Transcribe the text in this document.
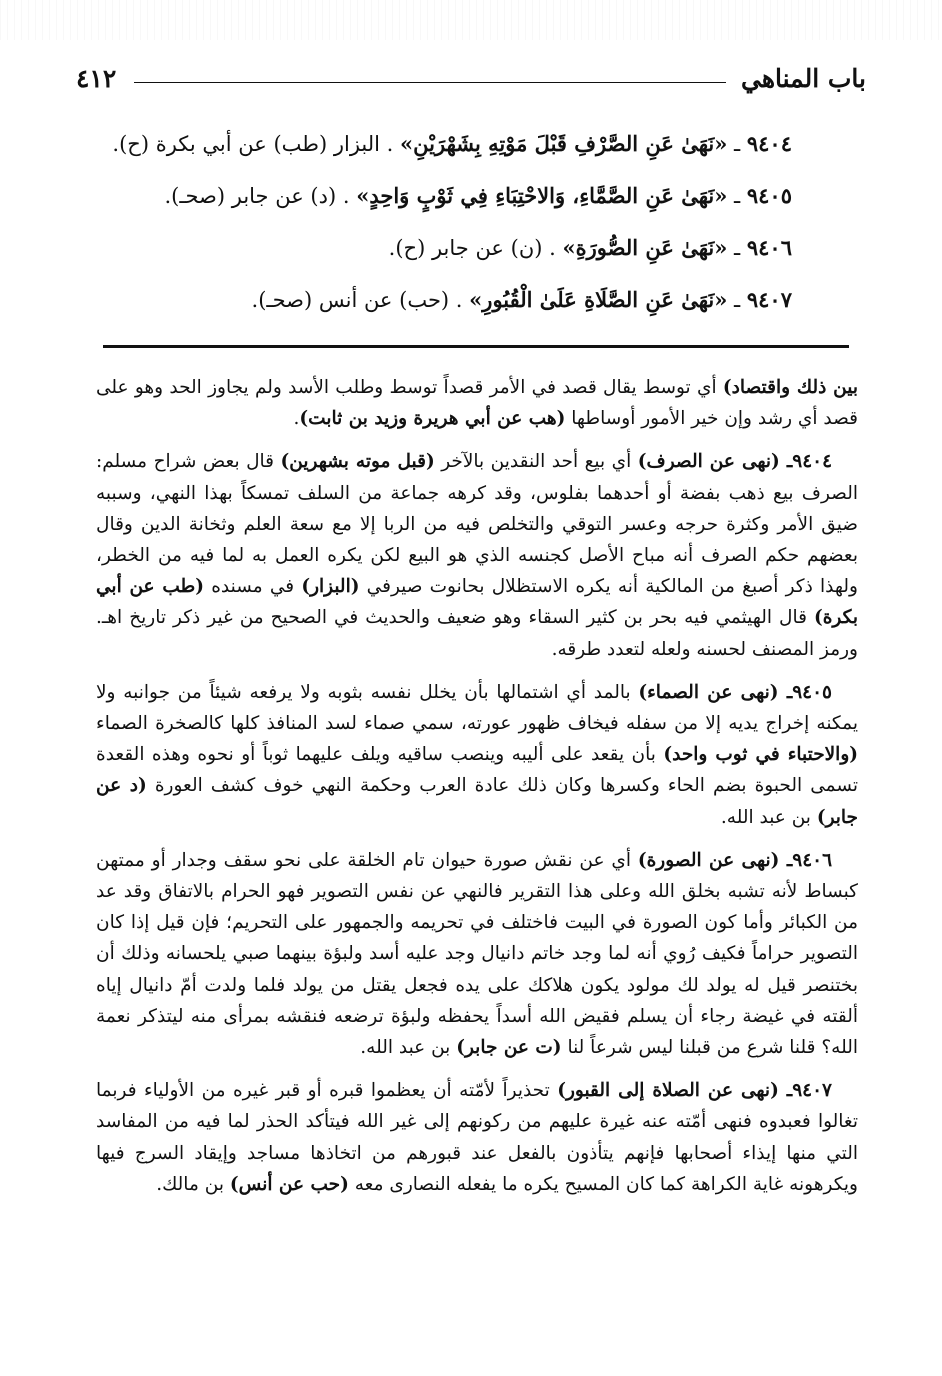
باب المناهي
٤١٢
٩٤٠٤ ـ «نَهَىٰ عَنِ الصَّرْفِ قَبْلَ مَوْتِهِ بِشَهْرَيْنِ» . البزار (طب) عن أبي بكرة (ح).
٩٤٠٥ ـ «نَهَىٰ عَنِ الصَّمَّاءِ، وَالاحْتِبَاءِ فِي ثَوْبٍ وَاحِدٍ» . (د) عن جابر (صحـ).
٩٤٠٦ ـ «نَهَىٰ عَنِ الصُّورَةِ» . (ن) عن جابر (ح).
٩٤٠٧ ـ «نَهَىٰ عَنِ الصَّلَاةِ عَلَىٰ الْقُبُورِ» . (حب) عن أنس (صحـ).

بين ذلك واقتصاد) أي توسط يقال قصد في الأمر قصداً توسط وطلب الأسد ولم يجاوز الحد وهو على قصد أي رشد وإن خير الأمور أوساطها (هب عن أبي هريرة وزيد بن ثابت).

٩٤٠٤ـ (نهى عن الصرف) أي بيع أحد النقدين بالآخر (قبل موته بشهرين) قال بعض شراح مسلم: الصرف بيع ذهب بفضة أو أحدهما بفلوس، وقد كرهه جماعة من السلف تمسكاً بهذا النهي، وسببه ضيق الأمر وكثرة حرجه وعسر التوقي والتخلص فيه من الربا إلا مع سعة العلم وثخانة الدين وقال بعضهم حكم الصرف أنه مباح الأصل كجنسه الذي هو البيع لكن يكره العمل به لما فيه من الخطر، ولهذا ذكر أصبغ من المالكية أنه يكره الاستظلال بحانوت صيرفي (البزار) في مسنده (طب عن أبي بكرة) قال الهيثمي فيه بحر بن كثير السقاء وهو ضعيف والحديث في الصحيح من غير ذكر تاريخ اهـ. ورمز المصنف لحسنه ولعله لتعدد طرقه.

٩٤٠٥ـ (نهى عن الصماء) بالمد أي اشتمالها بأن يخلل نفسه بثوبه ولا يرفعه شيئاً من جوانبه ولا يمكنه إخراج يديه إلا من سفله فيخاف ظهور عورته، سمي صماء لسد المنافذ كلها كالصخرة الصماء (والاحتباء في ثوب واحد) بأن يقعد على أليبه وينصب ساقيه ويلف عليهما ثوباً أو نحوه وهذه القعدة تسمى الحبوة بضم الحاء وكسرها وكان ذلك عادة العرب وحكمة النهي خوف كشف العورة (د عن جابر) بن عبد الله.

٩٤٠٦ـ (نهى عن الصورة) أي عن نقش صورة حيوان تام الخلقة على نحو سقف وجدار أو ممتهن كبساط لأنه تشبه بخلق الله وعلى هذا التقرير فالنهي عن نفس التصوير فهو الحرام بالاتفاق وقد عد من الكبائر وأما كون الصورة في البيت فاختلف في تحريمه والجمهور على التحريم؛ فإن قيل إذا كان التصوير حراماً فكيف رُوي أنه لما وجد خاتم دانيال وجد عليه أسد ولبؤة بينهما صبي يلحسانه وذلك أن بختنصر قيل له يولد لك مولود يكون هلاكك على يده فجعل يقتل من يولد فلما ولدت أمّ دانيال إياه ألقته في غيضة رجاء أن يسلم فقيض الله أسداً يحفظه ولبؤة ترضعه فنقشه بمرأى منه ليتذكر نعمة الله؟ قلنا شرع من قبلنا ليس شرعاً لنا (ت عن جابر) بن عبد الله.

٩٤٠٧ـ (نهى عن الصلاة إلى القبور) تحذيراً لأمّته أن يعظموا قبره أو قبر غيره من الأولياء فربما تغالوا فعبدوه فنهى أمّته عنه غيرة عليهم من ركونهم إلى غير الله فيتأكد الحذر لما فيه من المفاسد التي منها إيذاء أصحابها فإنهم يتأذون بالفعل عند قبورهم من اتخاذها مساجد وإيقاد السرج فيها ويكرهونه غاية الكراهة كما كان المسيح يكره ما يفعله النصارى معه (حب عن أنس) بن مالك.
